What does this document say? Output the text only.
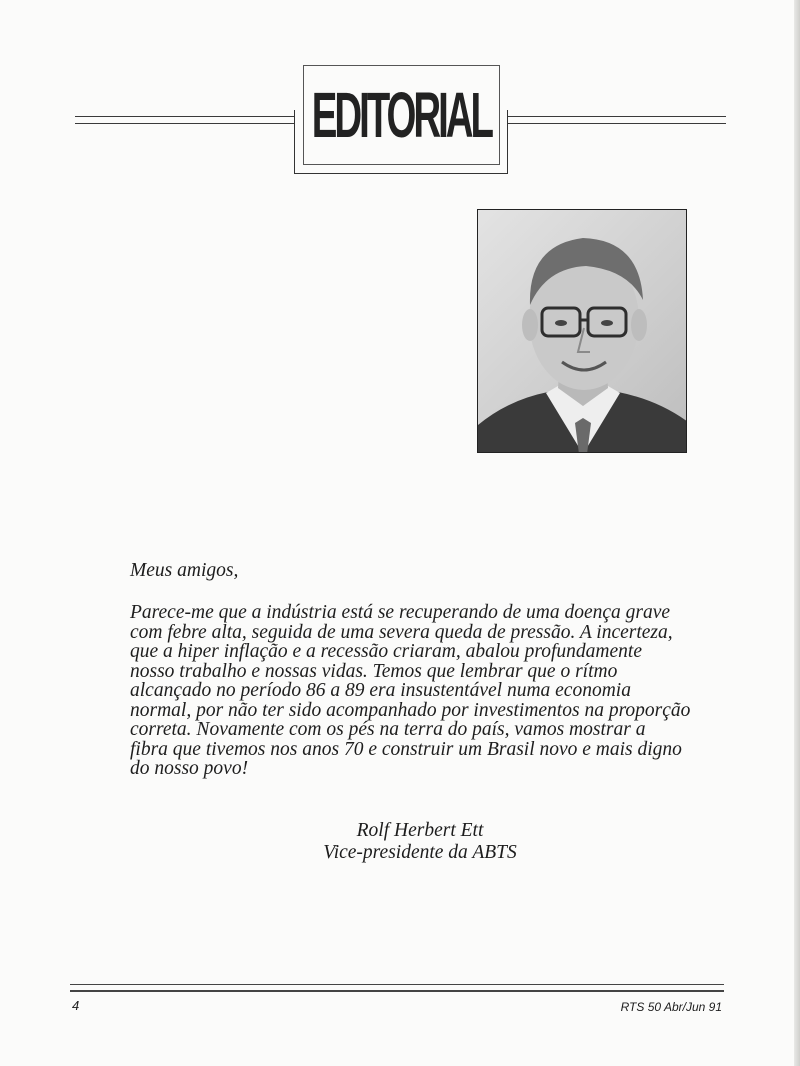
EDITORIAL
Meus amigos,
Parece-me que a indústria está se recuperando de uma doença grave
com febre alta, seguida de uma severa queda de pressão. A incerteza,
que a hiper inflação e a recessão criaram, abalou profundamente
nosso trabalho e nossas vidas. Temos que lembrar que o rítmo
alcançado no período 86 a 89 era insustentável numa economia
normal, por não ter sido acompanhado por investimentos na proporção
correta. Novamente com os pés na terra do país, vamos mostrar a
fibra que tivemos nos anos 70 e construir um Brasil novo e mais digno
do nosso povo!
Rolf Herbert Ett
Vice-presidente da ABTS
4	RTS 50 Abr/Jun 91
